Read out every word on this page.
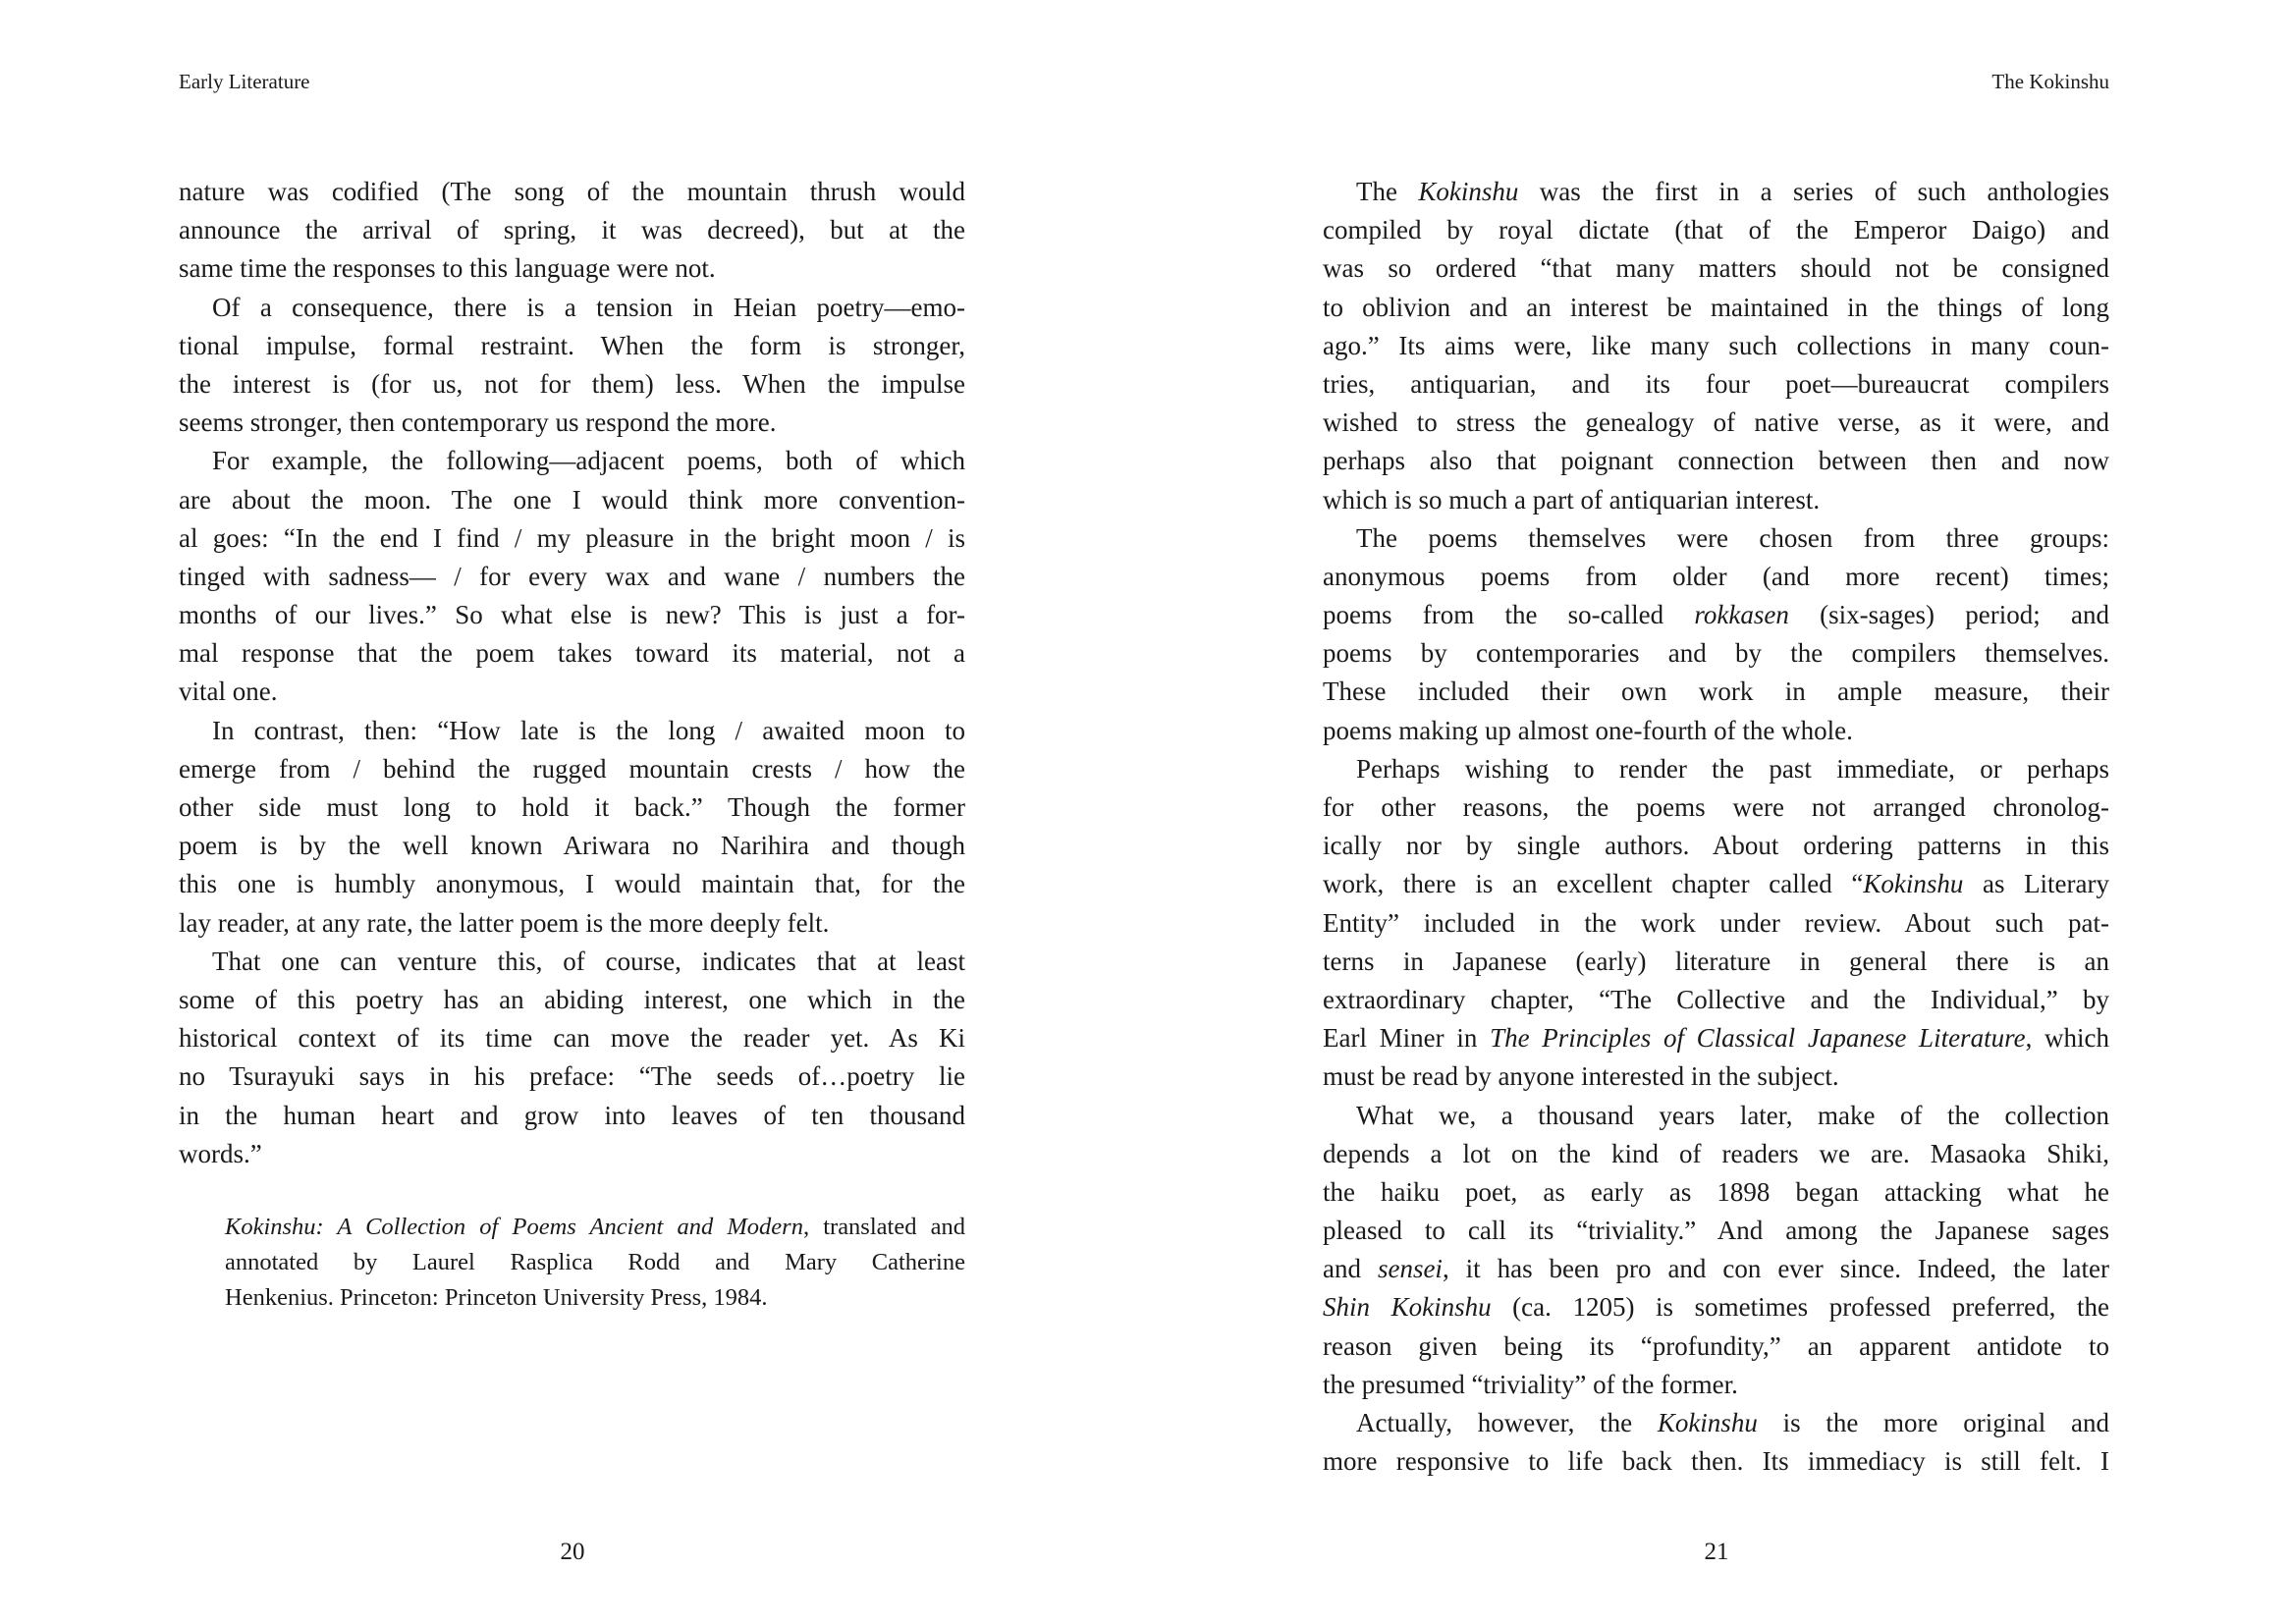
Early Literature
nature was codified (The song of the mountain thrush would
announce the arrival of spring, it was decreed), but at the
same time the responses to this language were not.
Of a consequence, there is a tension in Heian poetry—emo-
tional impulse, formal restraint. When the form is stronger,
the interest is (for us, not for them) less. When the impulse
seems stronger, then contemporary us respond the more.
For example, the following—adjacent poems, both of which
are about the moon. The one I would think more convention-
al goes: “In the end I find / my pleasure in the bright moon / is
tinged with sadness— / for every wax and wane / numbers the
months of our lives.” So what else is new? This is just a for-
mal response that the poem takes toward its material, not a
vital one.
In contrast, then: “How late is the long / awaited moon to
emerge from / behind the rugged mountain crests / how the
other side must long to hold it back.” Though the former
poem is by the well known Ariwara no Narihira and though
this one is humbly anonymous, I would maintain that, for the
lay reader, at any rate, the latter poem is the more deeply felt.
That one can venture this, of course, indicates that at least
some of this poetry has an abiding interest, one which in the
historical context of its time can move the reader yet. As Ki
no Tsurayuki says in his preface: “The seeds of…poetry lie
in the human heart and grow into leaves of ten thousand
words.”
Kokinshu: A Collection of Poems Ancient and Modern, translated and
annotated by Laurel Rasplica Rodd and Mary Catherine
Henkenius. Princeton: Princeton University Press, 1984.
20
The Kokinshu
The Kokinshu was the first in a series of such anthologies
compiled by royal dictate (that of the Emperor Daigo) and
was so ordered “that many matters should not be consigned
to oblivion and an interest be maintained in the things of long
ago.” Its aims were, like many such collections in many coun-
tries, antiquarian, and its four poet—bureaucrat compilers
wished to stress the genealogy of native verse, as it were, and
perhaps also that poignant connection between then and now
which is so much a part of antiquarian interest.
The poems themselves were chosen from three groups:
anonymous poems from older (and more recent) times;
poems from the so-called rokkasen (six-sages) period; and
poems by contemporaries and by the compilers themselves.
These included their own work in ample measure, their
poems making up almost one-fourth of the whole.
Perhaps wishing to render the past immediate, or perhaps
for other reasons, the poems were not arranged chronolog-
ically nor by single authors. About ordering patterns in this
work, there is an excellent chapter called “Kokinshu as Literary
Entity” included in the work under review. About such pat-
terns in Japanese (early) literature in general there is an
extraordinary chapter, “The Collective and the Individual,” by
Earl Miner in The Principles of Classical Japanese Literature, which
must be read by anyone interested in the subject.
What we, a thousand years later, make of the collection
depends a lot on the kind of readers we are. Masaoka Shiki,
the haiku poet, as early as 1898 began attacking what he
pleased to call its “triviality.” And among the Japanese sages
and sensei, it has been pro and con ever since. Indeed, the later
Shin Kokinshu (ca. 1205) is sometimes professed preferred, the
reason given being its “profundity,” an apparent antidote to
the presumed “triviality” of the former.
Actually, however, the Kokinshu is the more original and
more responsive to life back then. Its immediacy is still felt. I
21
